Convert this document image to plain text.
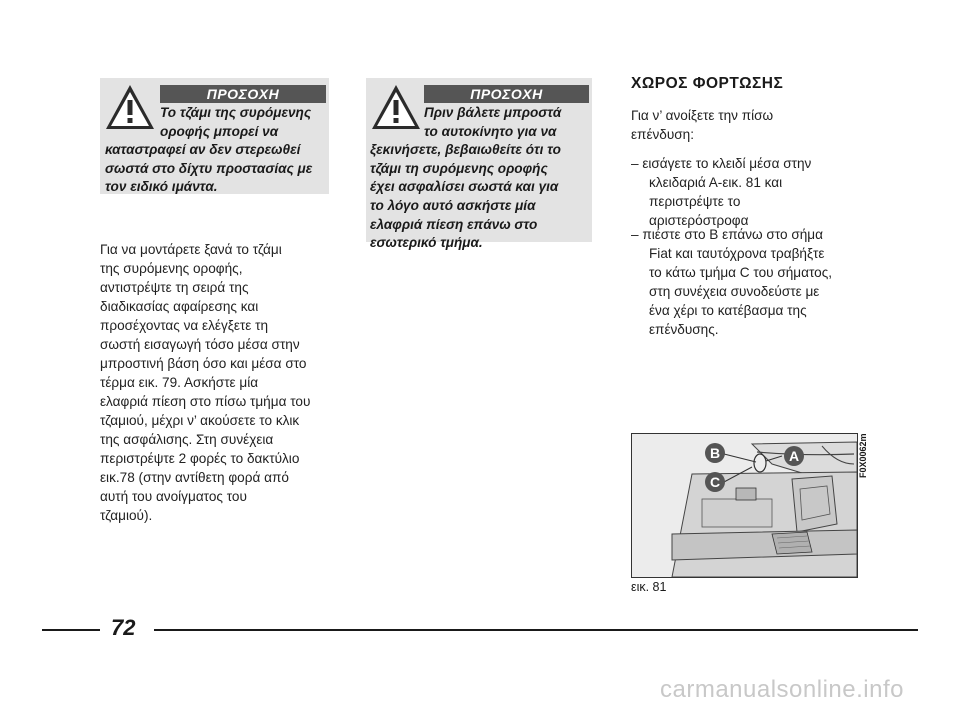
ΠΡΟΣΟΧΗ
Το τζάμι της συρόμενης
οροφής μπορεί να
καταστραφεί αν δεν στερεωθεί
σωστά στο δίχτυ προστασίας με
τον ειδικό ιμάντα.
ΠΡΟΣΟΧΗ
Πριν βάλετε μπροστά
το αυτοκίνητο για να
ξεκινήσετε, βεβαιωθείτε ότι το
τζάμι τη συρόμενης οροφής
έχει ασφαλίσει σωστά και για
το λόγο αυτό ασκήστε μία
ελαφριά πίεση επάνω στο
εσωτερικό τμήμα.
Για να μοντάρετε ξανά το τζάμι
της συρόμενης οροφής,
αντιστρέψτε τη σειρά της
διαδικασίας αφαίρεσης και
προσέχοντας να ελέγξετε τη
σωστή εισαγωγή τόσο μέσα στην
μπροστινή βάση όσο και μέσα στο
τέρμα εικ. 79. Ασκήστε μία
ελαφριά πίεση στο πίσω τμήμα του
τζαμιού, μέχρι ν’ ακούσετε το κλικ
της ασφάλισης. Στη συνέχεια
περιστρέψτε 2 φορές το δακτύλιο
εικ.78 (στην αντίθετη φορά από
αυτή του ανοίγματος του
τζαμιού).
ΧΩΡΟΣ ΦΟΡΤΩΣΗΣ
Για ν’ ανοίξετε την πίσω
επένδυση:
– εισάγετε το κλειδί μέσα στην
κλειδαριά Α-εικ. 81 και
περιστρέψτε το
αριστερόστροφα
– πιέστε στο Β επάνω στο σήμα
Fiat και ταυτόχρονα τραβήξτε
το κάτω τμήμα C του σήματος,
στη συνέχεια συνοδεύστε με
ένα χέρι το κατέβασμα της
επένδυσης.
B	A
C
F0X0062m
εικ. 81
72
carmanualsonline.info
